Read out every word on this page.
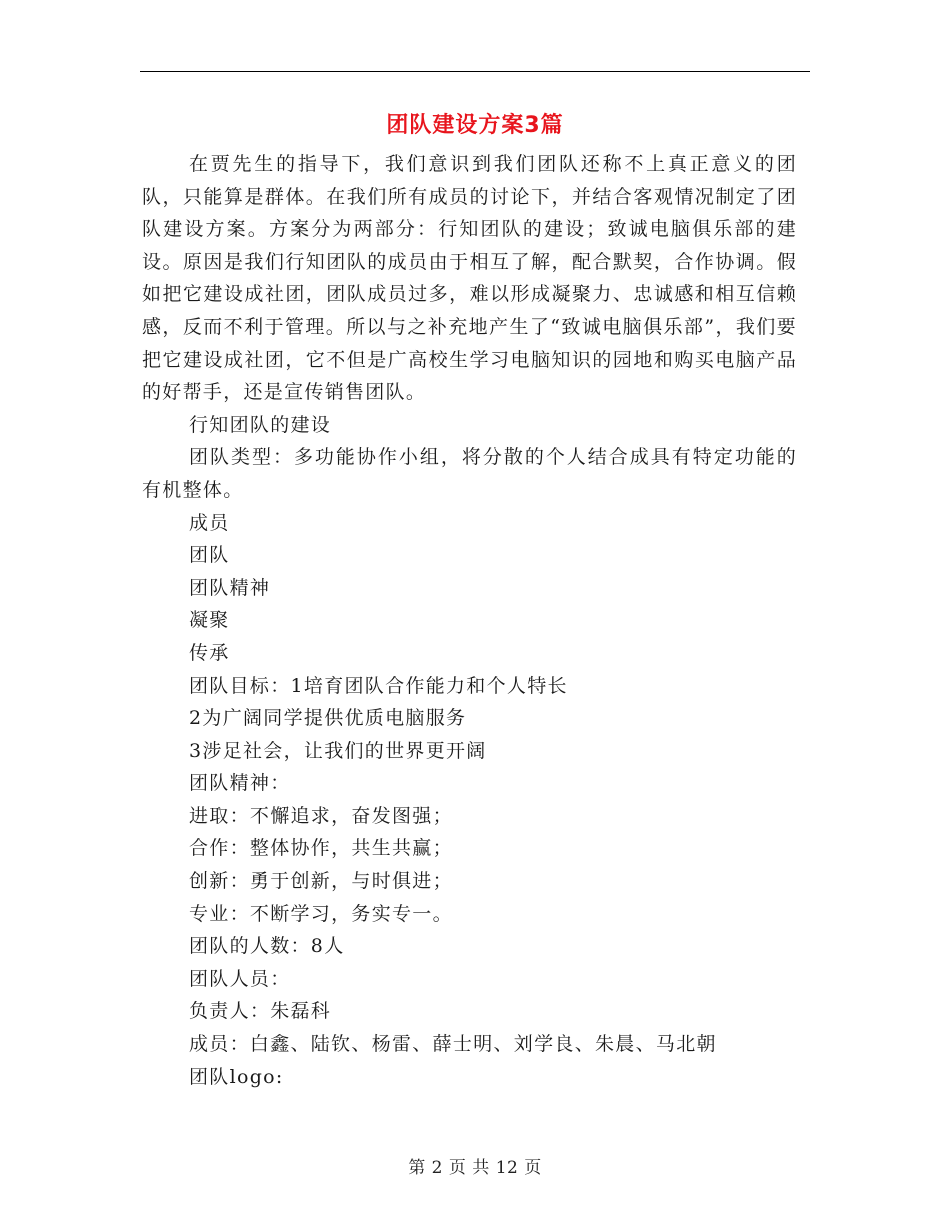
团队建设方案3篇

在贾先生的指导下，我们意识到我们团队还称不上真正意义的团队，只能算是群体。在我们所有成员的讨论下，并结合客观情况制定了团队建设方案。方案分为两部分：行知团队的建设；致诚电脑俱乐部的建设。原因是我们行知团队的成员由于相互了解，配合默契，合作协调。假如把它建设成社团，团队成员过多，难以形成凝聚力、忠诚感和相互信赖感，反而不利于管理。所以与之补充地产生了“致诚电脑俱乐部”，我们要把它建设成社团，它不但是广高校生学习电脑知识的园地和购买电脑产品的好帮手，还是宣传销售团队。

行知团队的建设

团队类型：多功能协作小组，将分散的个人结合成具有特定功能的有机整体。

成员

团队

团队精神

凝聚

传承

团队目标：1培育团队合作能力和个人特长

2为广阔同学提供优质电脑服务

3涉足社会，让我们的世界更开阔

团队精神：

进取：不懈追求，奋发图强；

合作：整体协作，共生共赢；

创新：勇于创新，与时俱进；

专业：不断学习，务实专一。

团队的人数：8人

团队人员：

负责人：朱磊科

成员：白鑫、陆钦、杨雷、薛士明、刘学良、朱晨、马北朝

团队logo:

第 2 页 共 12 页
